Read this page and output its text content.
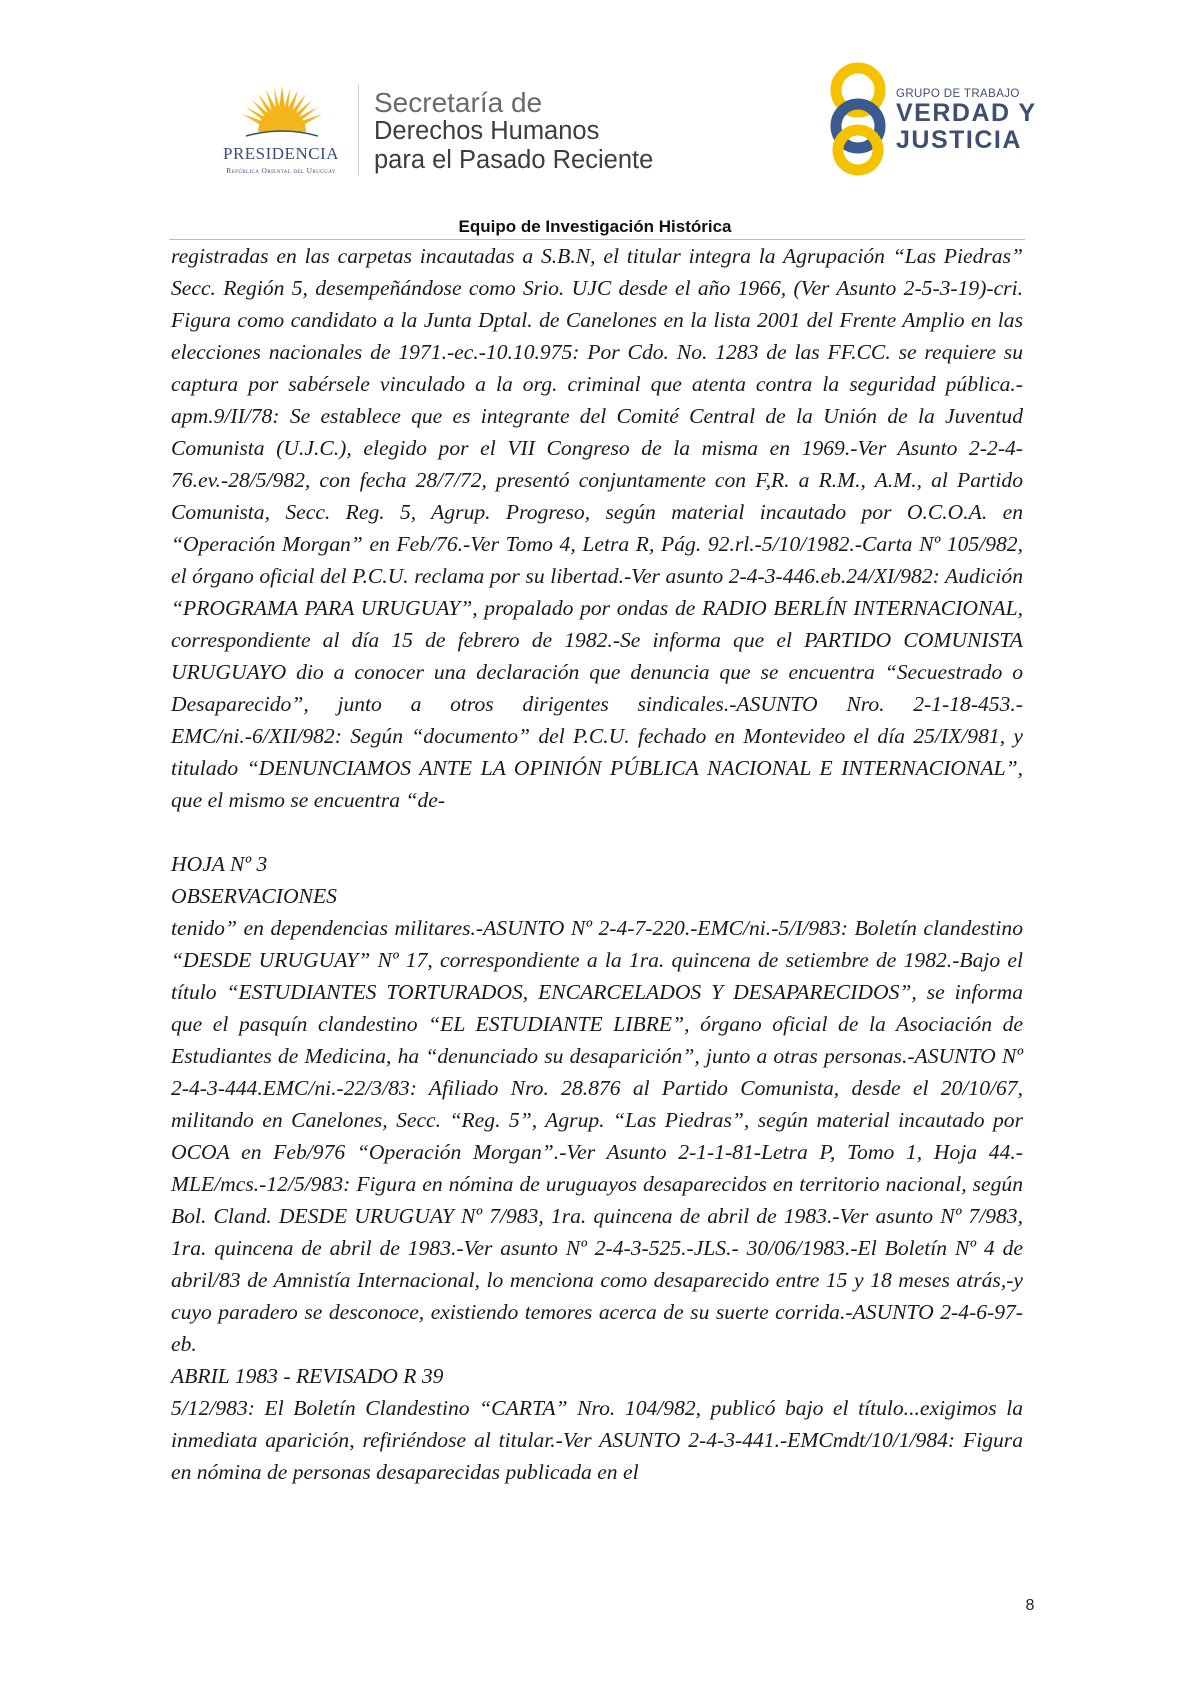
PRESIDENCIA
República Oriental del Uruguay
Secretaría de
Derechos Humanos
para el Pasado Reciente
GRUPO DE TRABAJO
VERDAD Y
JUSTICIA
Equipo de Investigación Histórica

registradas en las carpetas incautadas a S.B.N, el titular integra la Agrupación “Las Piedras” Secc. Región 5, desempeñándose como Srio. UJC desde el año 1966, (Ver Asunto 2-5-3-19)-cri. Figura como candidato a la Junta Dptal. de Canelones en la lista 2001 del Frente Amplio en las elecciones nacionales de 1971.-ec.-10.10.975: Por Cdo. No. 1283 de las FF.CC. se requiere su captura por sabérsele vinculado a la org. criminal que atenta contra la seguridad pública.-apm.9/II/78: Se establece que es integrante del Comité Central de la Unión de la Juventud Comunista (U.J.C.), elegido por el VII Congreso de la misma en 1969.-Ver Asunto 2-2-4-76.ev.-28/5/982, con fecha 28/7/72, presentó conjuntamente con F,R. a R.M., A.M., al Partido Comunista, Secc. Reg. 5, Agrup. Progreso, según material incautado por O.C.O.A. en “Operación Morgan” en Feb/76.-Ver Tomo 4, Letra R, Pág. 92.rl.-5/10/1982.-Carta Nº 105/982, el órgano oficial del P.C.U. reclama por su libertad.-Ver asunto 2-4-3-446.eb.24/XI/982: Audición “PROGRAMA PARA URUGUAY”, propalado por ondas de RADIO BERLÍN INTERNACIONAL, correspondiente al día 15 de febrero de 1982.-Se informa que el PARTIDO COMUNISTA URUGUAYO dio a conocer una declaración que denuncia que se encuentra “Secuestrado o Desaparecido”, junto a otros dirigentes sindicales.-ASUNTO Nro. 2-1-18-453.-EMC/ni.-6/XII/982: Según “documento” del P.C.U. fechado en Montevideo el día 25/IX/981, y titulado “DENUNCIAMOS ANTE LA OPINIÓN PÚBLICA NACIONAL E INTERNACIONAL”, que el mismo se encuentra “de-

HOJA Nº 3

OBSERVACIONES

tenido” en dependencias militares.-ASUNTO Nº 2-4-7-220.-EMC/ni.-5/I/983: Boletín clandestino “DESDE URUGUAY” Nº 17, correspondiente a la 1ra. quincena de setiembre de 1982.-Bajo el título “ESTUDIANTES TORTURADOS, ENCARCELADOS Y DESAPARECIDOS”, se informa que el pasquín clandestino “EL ESTUDIANTE LIBRE”, órgano oficial de la Asociación de Estudiantes de Medicina, ha “denunciado su desaparición”, junto a otras personas.-ASUNTO Nº 2-4-3-444.EMC/ni.-22/3/83: Afiliado Nro. 28.876 al Partido Comunista, desde el 20/10/67, militando en Canelones, Secc. “Reg. 5”, Agrup. “Las Piedras”, según material incautado por OCOA en Feb/976 “Operación Morgan”.-Ver Asunto 2-1-1-81-Letra P, Tomo 1, Hoja 44.-MLE/mcs.-12/5/983: Figura en nómina de uruguayos desaparecidos en territorio nacional, según Bol. Cland. DESDE URUGUAY Nº 7/983, 1ra. quincena de abril de 1983.-Ver asunto Nº 7/983, 1ra. quincena de abril de 1983.-Ver asunto Nº 2-4-3-525.-JLS.- 30/06/1983.-El Boletín Nº 4 de abril/83 de Amnistía Internacional, lo menciona como desaparecido entre 15 y 18 meses atrás,-y cuyo paradero se desconoce, existiendo temores acerca de su suerte corrida.-ASUNTO 2-4-6-97-eb.

ABRIL 1983 - REVISADO R 39

5/12/983: El Boletín Clandestino “CARTA” Nro. 104/982, publicó bajo el título...exigimos la inmediata aparición, refiriéndose al titular.-Ver ASUNTO 2-4-3-441.-EMCmdt/10/1/984: Figura en nómina de personas desaparecidas publicada en el

8
